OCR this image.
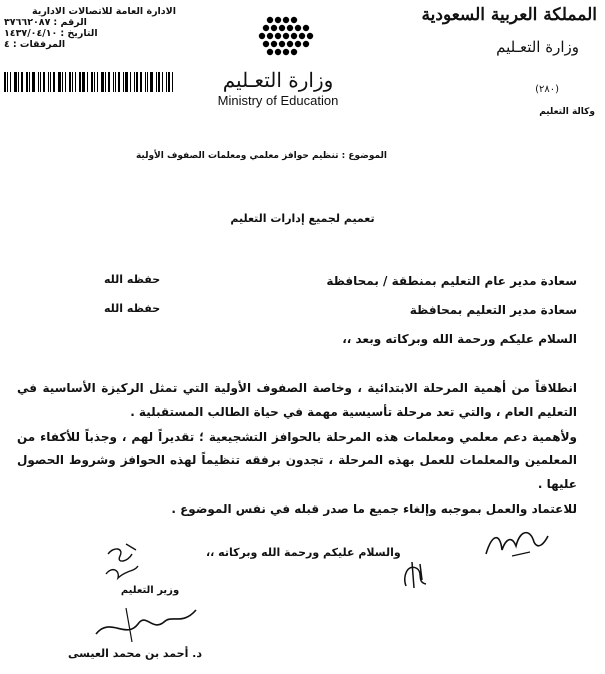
المملكة العربية السعودية
وزارة التعـليم
(٢٨٠)
وكالة التعليم
وزارة التعـليم
Ministry of Education
الادارة العامة للاتصالات الادارية
الرقم :
٣٧٦٦٢٠٨٧
التاريخ :
١٤٣٧/٠٤/١٠
المرفقات :
٤
الموضوع : تنظيم حوافز معلمي ومعلمات الصفوف الأولية
تعميم لجميع إدارات التعليم
سعادة مدير عام التعليم بمنطقة / بمحافظة
حفظه الله
سعادة مدير التعليم بمحافظة
حفظه الله
السلام عليكم ورحمة الله وبركاته وبعد ،،

انطلاقاً من أهمية المرحلة الابتدائية ، وخاصة الصفوف الأولية التي تمثل الركيزة الأساسية في التعليم العام ، والتي تعد مرحلة تأسيسية مهمة في حياة الطالب المستقبلية .

ولأهمية دعم معلمي ومعلمات هذه المرحلة بالحوافز التشجيعية ؛ تقديراً لهم ، وجذباً للأكفاء من المعلمين والمعلمات للعمل بهذه المرحلة ، تجدون برفقه تنظيماً لهذه الحوافز وشروط الحصول عليها .

للاعتماد والعمل بموجبه وإلغاء جميع ما صدر قبله في نفس الموضوع .

والسلام عليكم ورحمة الله وبركاته ،،
وزير التعليم
د. أحمد بن محمد العيسى
